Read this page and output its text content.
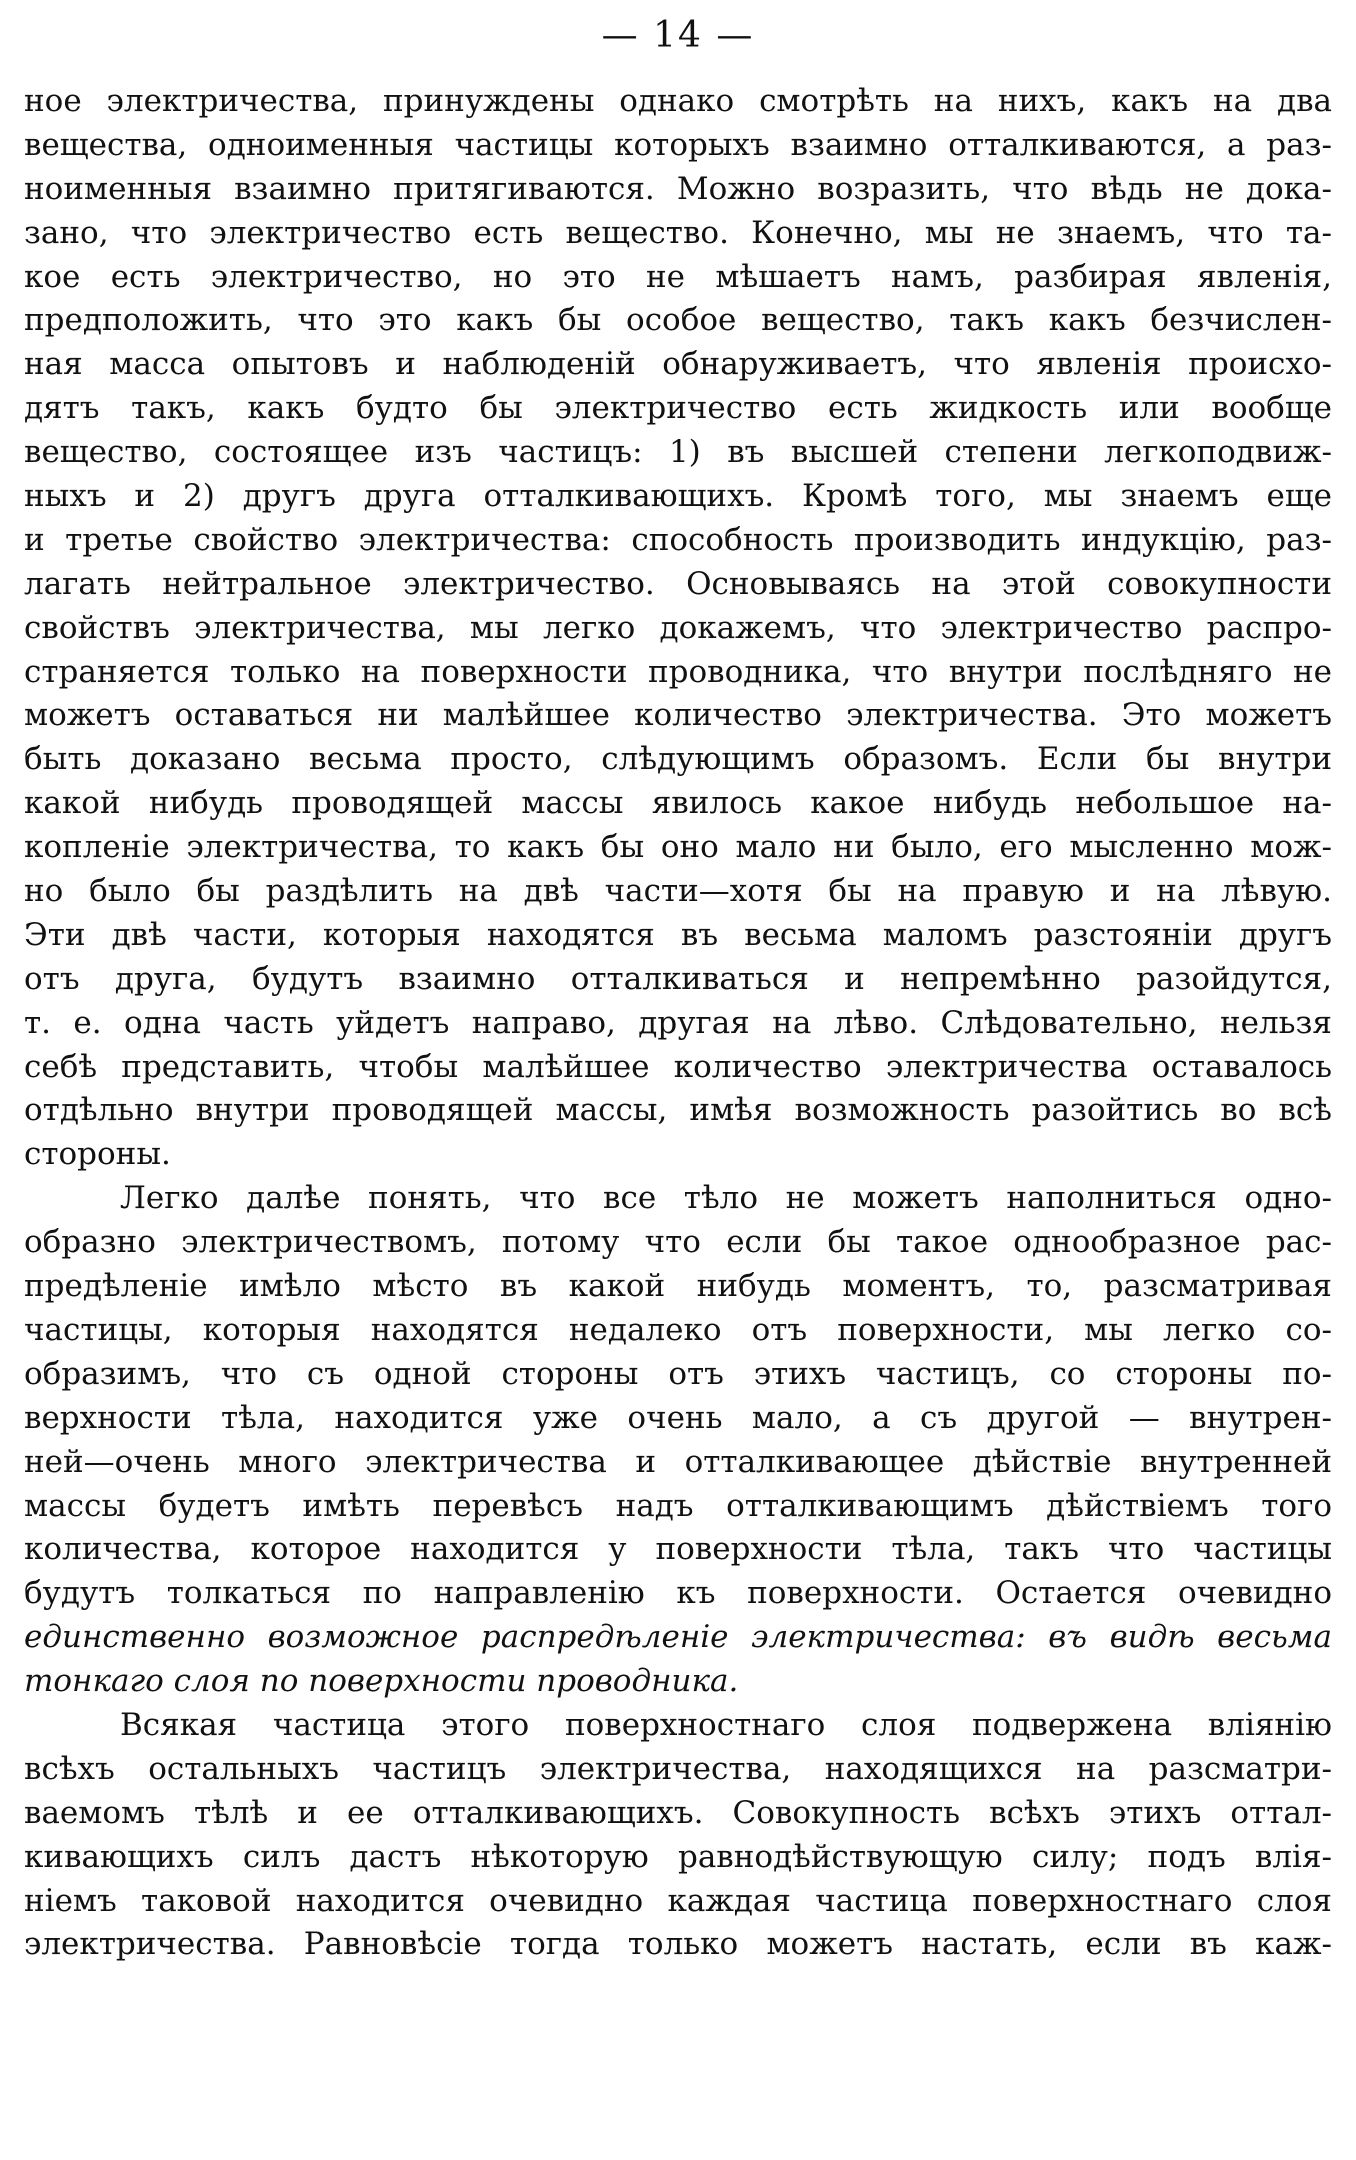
— 14 —
ное электричества, принуждены однако смотрѣть на нихъ, какъ на два
вещества, одноименныя частицы которыхъ взаимно отталкиваются, а раз-
ноименныя взаимно притягиваются. Можно возразить, что вѣдь не дока-
зано, что электричество есть вещество. Конечно, мы не знаемъ, что та-
кое есть электричество, но это не мѣшаетъ намъ, разбирая явленія,
предположить, что это какъ бы особое вещество, такъ какъ безчислен-
ная масса опытовъ и наблюденій обнаруживаетъ, что явленія происхо-
дятъ такъ, какъ будто бы электричество есть жидкость или вообще
вещество, состоящее изъ частицъ: 1) въ высшей степени легкоподвиж-
ныхъ и 2) другъ друга отталкивающихъ. Кромѣ того, мы знаемъ еще
и третье свойство электричества: способность производить индукцію, раз-
лагать нейтральное электричество. Основываясь на этой совокупности
свойствъ электричества, мы легко докажемъ, что электричество распро-
страняется только на поверхности проводника, что внутри послѣдняго не
можетъ оставаться ни малѣйшее количество электричества. Это можетъ
быть доказано весьма просто, слѣдующимъ образомъ. Если бы внутри
какой нибудь проводящей массы явилось какое нибудь небольшое на-
копленіе электричества, то какъ бы оно мало ни было, его мысленно мож-
но было бы раздѣлить на двѣ части—хотя бы на правую и на лѣвую.
Эти двѣ части, которыя находятся въ весьма маломъ разстояніи другъ
отъ друга, будутъ взаимно отталкиваться и непремѣнно разойдутся,
т. е. одна часть уйдетъ направо, другая на лѣво. Слѣдовательно, нельзя
себѣ представить, чтобы малѣйшее количество электричества оставалось
отдѣльно внутри проводящей массы, имѣя возможность разойтись во всѣ
стороны.
Легко далѣе понять, что все тѣло не можетъ наполниться одно-
образно электричествомъ, потому что если бы такое однообразное рас-
предѣленіе имѣло мѣсто въ какой нибудь моментъ, то, разсматривая
частицы, которыя находятся недалеко отъ поверхности, мы легко со-
образимъ, что съ одной стороны отъ этихъ частицъ, со стороны по-
верхности тѣла, находится уже очень мало, а съ другой — внутрен-
ней—очень много электричества и отталкивающее дѣйствіе внутренней
массы будетъ имѣть перевѣсъ надъ отталкивающимъ дѣйствіемъ того
количества, которое находится у поверхности тѣла, такъ что частицы
будутъ толкаться по направленію къ поверхности. Остается очевидно
единственно возможное распредѣленіе электричества: въ видѣ весьма
тонкаго слоя по поверхности проводника.
Всякая частица этого поверхностнаго слоя подвержена вліянію
всѣхъ остальныхъ частицъ электричества, находящихся на разсматри-
ваемомъ тѣлѣ и ее отталкивающихъ. Совокупность всѣхъ этихъ оттал-
кивающихъ силъ дастъ нѣкоторую равнодѣйствующую силу; подъ влія-
ніемъ таковой находится очевидно каждая частица поверхностнаго слоя
электричества. Равновѣсіе тогда только можетъ настать, если въ каж-
